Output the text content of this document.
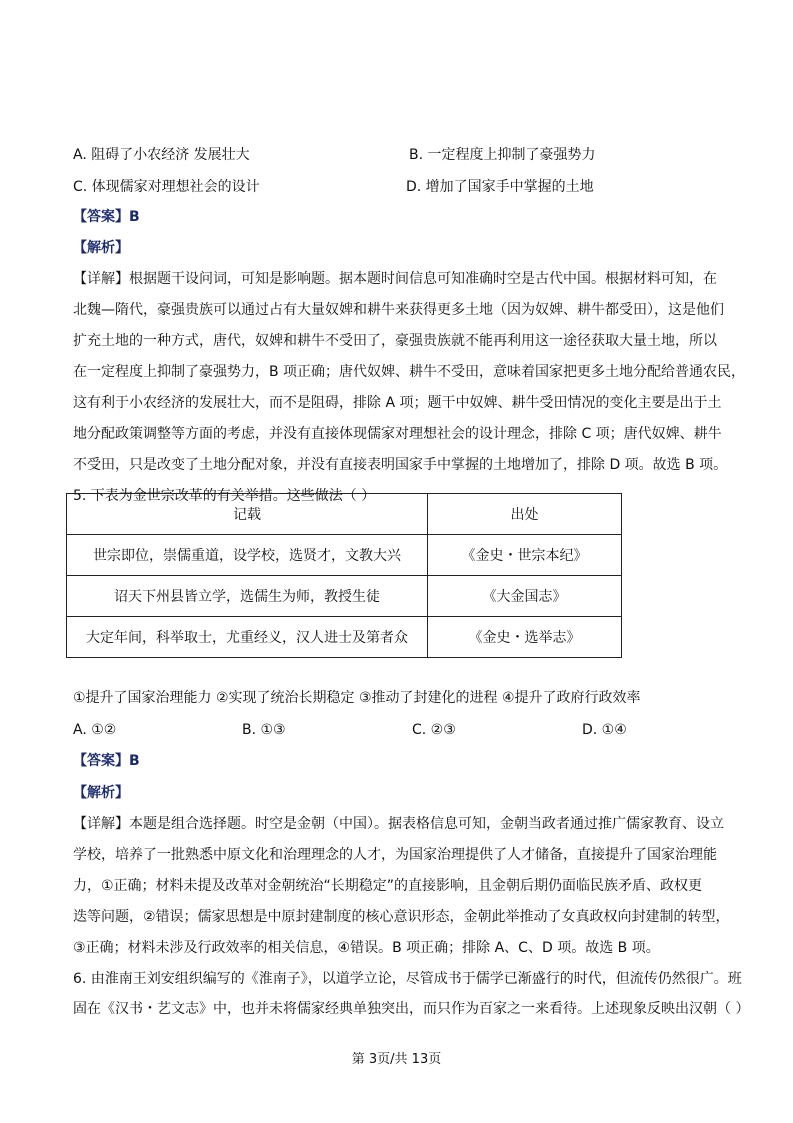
A. 阻碍了小农经济 发展壮大	B. 一定程度上抑制了豪强势力
C. 体现儒家对理想社会的设计	D. 增加了国家手中掌握的土地
【答案】B
【解析】
【详解】根据题干设问词，可知是影响题。据本题时间信息可知准确时空是古代中国。根据材料可知，在
北魏—隋代，豪强贵族可以通过占有大量奴婢和耕牛来获得更多土地（因为奴婢、耕牛都受田），这是他们
扩充土地的一种方式，唐代，奴婢和耕牛不受田了，豪强贵族就不能再利用这一途径获取大量土地，所以
在一定程度上抑制了豪强势力，B 项正确；唐代奴婢、耕牛不受田，意味着国家把更多土地分配给普通农民，
这有利于小农经济的发展壮大，而不是阻碍，排除 A 项；题干中奴婢、耕牛受田情况的变化主要是出于土
地分配政策调整等方面的考虑，并没有直接体现儒家对理想社会的设计理念，排除 C 项；唐代奴婢、耕牛
不受田，只是改变了土地分配对象，并没有直接表明国家手中掌握的土地增加了，排除 D 项。故选 B 项。
5. 下表为金世宗改革的有关举措。这些做法（ ）
记载	出处
世宗即位，崇儒重道，设学校，选贤才，文教大兴	《金史・世宗本纪》
诏天下州县皆立学，选儒生为师，教授生徒	《大金国志》
大定年间，科举取士，尤重经义，汉人进士及第者众	《金史・选举志》
①提升了国家治理能力 ②实现了统治长期稳定 ③推动了封建化的进程 ④提升了政府行政效率
A. ①②	B. ①③	C. ②③	D. ①④
【答案】B
【解析】
【详解】本题是组合选择题。时空是金朝（中国）。据表格信息可知，金朝当政者通过推广儒家教育、设立
学校，培养了一批熟悉中原文化和治理理念的人才，为国家治理提供了人才储备，直接提升了国家治理能
力，①正确；材料未提及改革对金朝统治“长期稳定”的直接影响，且金朝后期仍面临民族矛盾、政权更
迭等问题，②错误；儒家思想是中原封建制度的核心意识形态，金朝此举推动了女真政权向封建制的转型，
③正确；材料未涉及行政效率的相关信息，④错误。B 项正确；排除 A、C、D 项。故选 B 项。
6. 由淮南王刘安组织编写的《淮南子》，以道学立论，尽管成书于儒学已渐盛行的时代，但流传仍然很广。班
固在《汉书・艺文志》中，也并未将儒家经典单独突出，而只作为百家之一来看待。上述现象反映出汉朝（ ）
第 3页/共 13页
